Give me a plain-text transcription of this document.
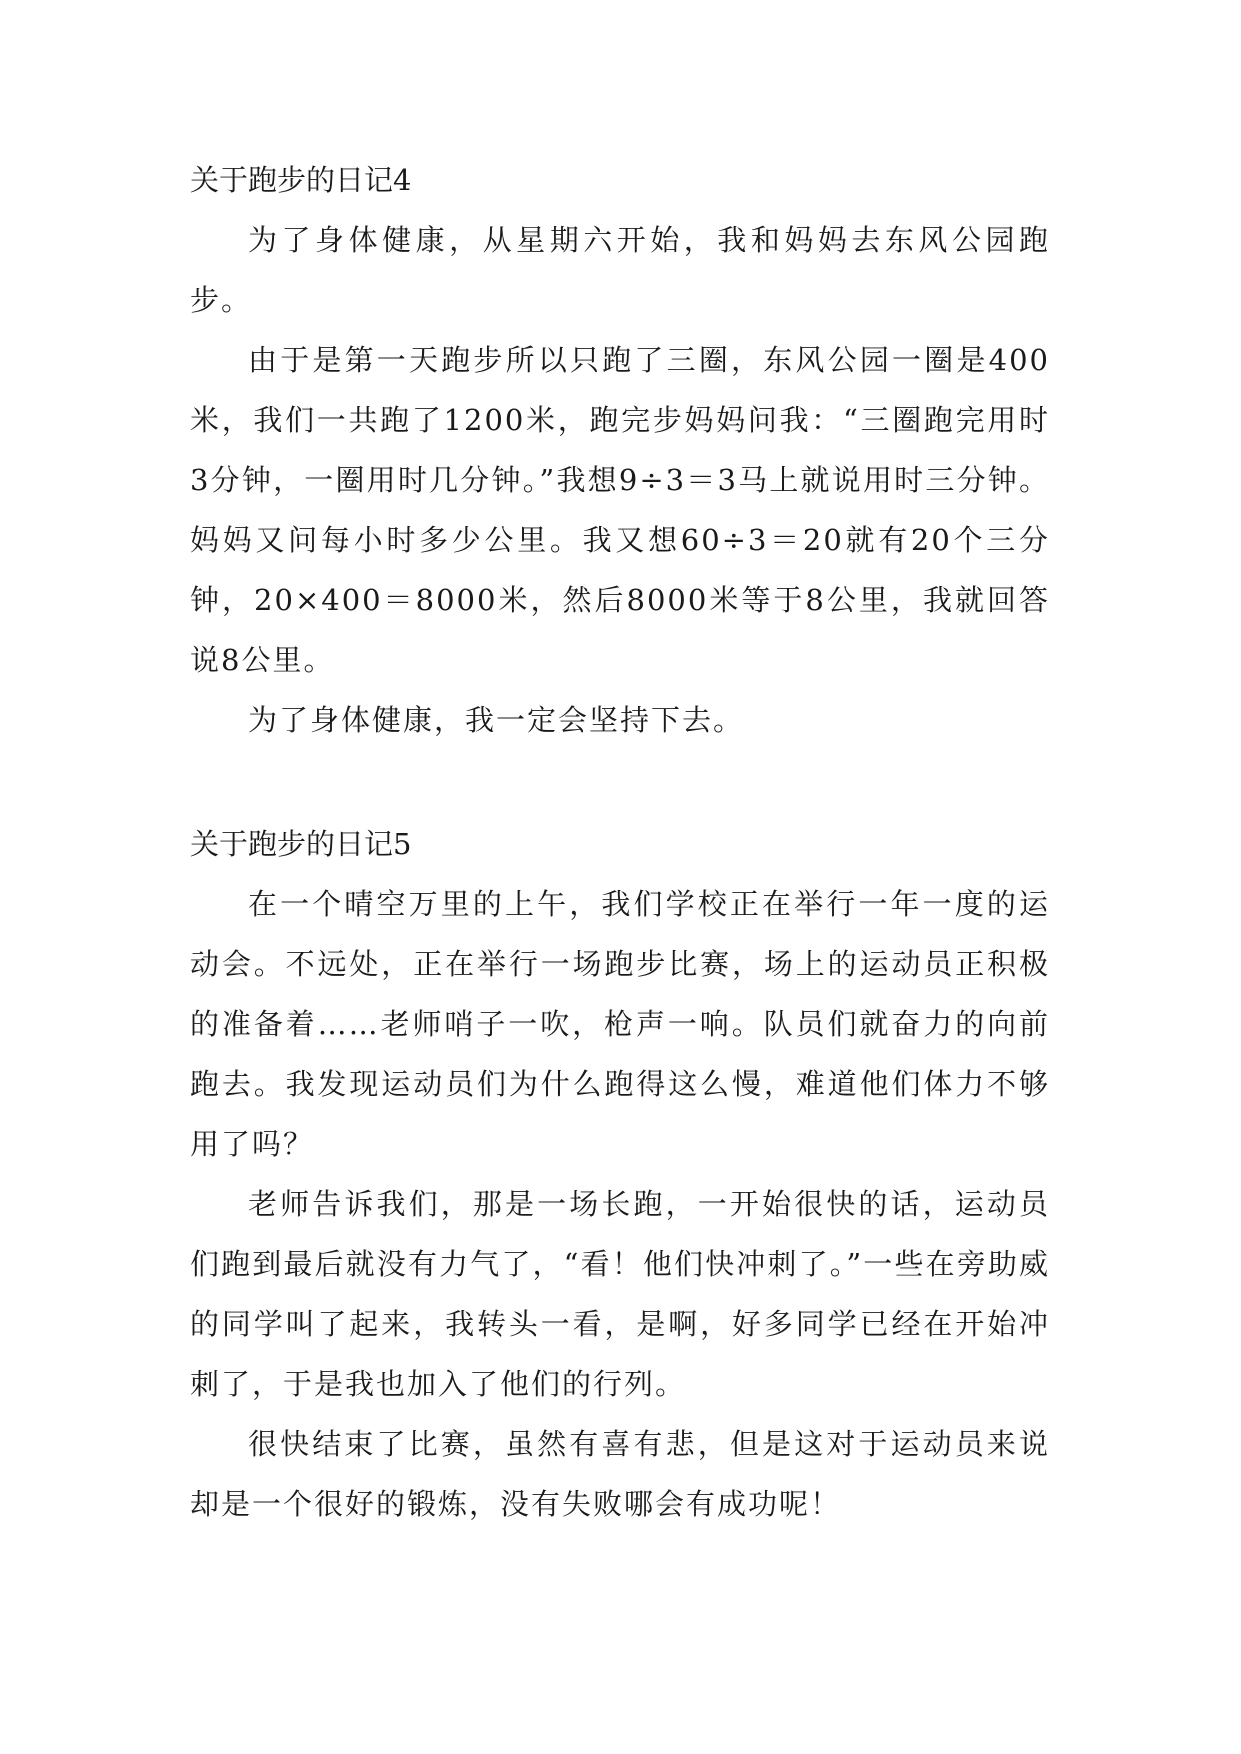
关于跑步的日记4

为了身体健康，从星期六开始，我和妈妈去东风公园跑步。

由于是第一天跑步所以只跑了三圈，东风公园一圈是400米，我们一共跑了1200米，跑完步妈妈问我：“三圈跑完用时3分钟，一圈用时几分钟。”我想9÷3＝3马上就说用时三分钟。妈妈又问每小时多少公里。我又想60÷3＝20就有20个三分钟，20×400＝8000米，然后8000米等于8公里，我就回答说8公里。

为了身体健康，我一定会坚持下去。

关于跑步的日记5

在一个晴空万里的上午，我们学校正在举行一年一度的运动会。不远处，正在举行一场跑步比赛，场上的运动员正积极的准备着……老师哨子一吹，枪声一响。队员们就奋力的向前跑去。我发现运动员们为什么跑得这么慢，难道他们体力不够用了吗？

老师告诉我们，那是一场长跑，一开始很快的话，运动员们跑到最后就没有力气了，“看！他们快冲刺了。”一些在旁助威的同学叫了起来，我转头一看，是啊，好多同学已经在开始冲刺了，于是我也加入了他们的行列。

很快结束了比赛，虽然有喜有悲，但是这对于运动员来说却是一个很好的锻炼，没有失败哪会有成功呢！
